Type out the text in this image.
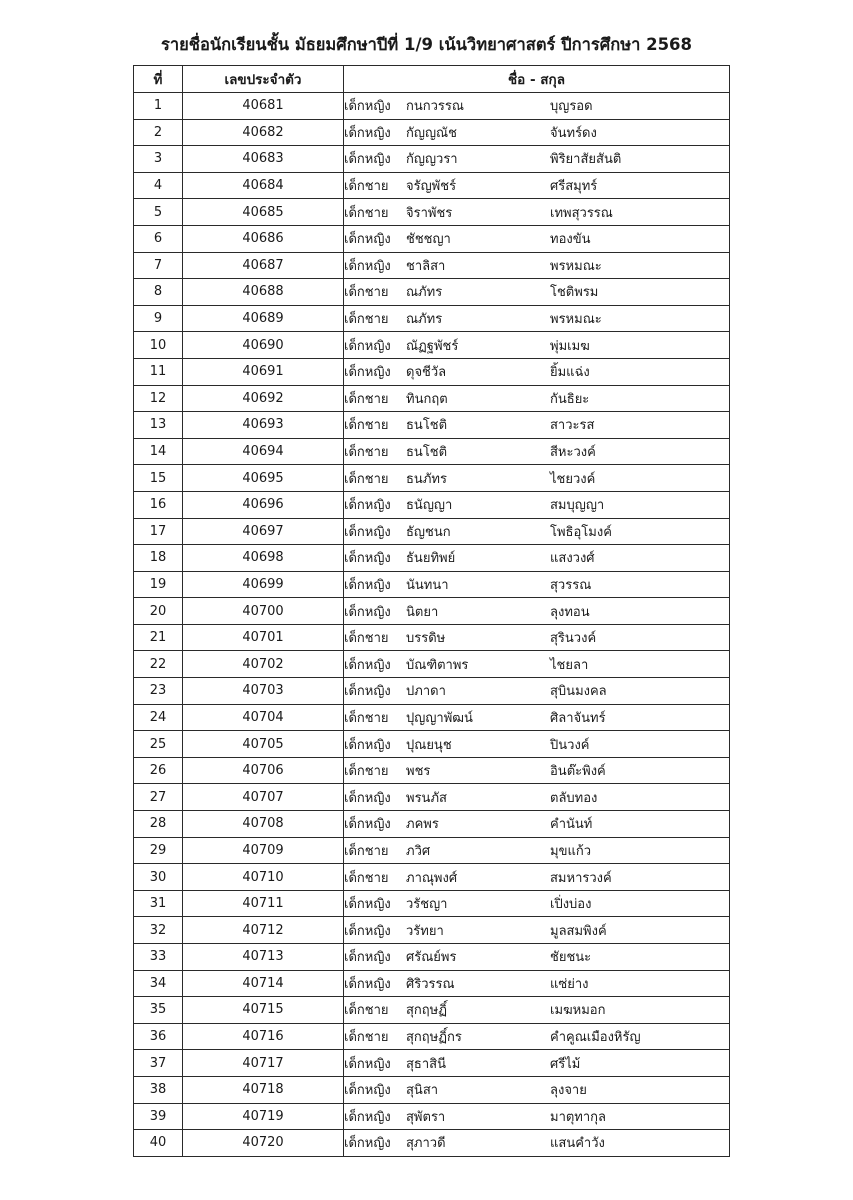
รายชื่อนักเรียนชั้น มัธยมศึกษาปีที่ 1/9 เน้นวิทยาศาสตร์ ปีการศึกษา 2568
ที่	เลขประจำตัว	ชื่อ - สกุล
1	40681	เด็กหญิง กนกวรรณ บุญรอด

2	40682	เด็กหญิง กัญญณัช จันทร์ดง

3	40683	เด็กหญิง กัญญวรา พิริยาสัยสันติ

4	40684	เด็กชาย จรัญพัชร์ ศรีสมุทร์

5	40685	เด็กชาย จิราพัชร เทพสุวรรณ

6	40686	เด็กหญิง ชัชชญา ทองขัน

7	40687	เด็กหญิง ชาลิสา พรหมณะ

8	40688	เด็กชาย ณภัทร โชติพรม

9	40689	เด็กชาย ณภัทร พรหมณะ

10	40690	เด็กหญิง ณัฏฐพัชร์ พุ่มเมฆ

11	40691	เด็กหญิง ดุจชีวัล ยิ้มแฉ่ง

12	40692	เด็กชาย ทินกฤต กันธิยะ

13	40693	เด็กชาย ธนโชติ สาวะรส

14	40694	เด็กชาย ธนโชติ สีหะวงค์

15	40695	เด็กชาย ธนภัทร ไชยวงค์

16	40696	เด็กหญิง ธนัญญา สมบุญญา

17	40697	เด็กหญิง ธัญชนก โพธิอุโมงค์

18	40698	เด็กหญิง ธันยทิพย์ แสงวงศ์

19	40699	เด็กหญิง นันทนา สุวรรณ

20	40700	เด็กหญิง นิตยา ลุงทอน

21	40701	เด็กชาย บรรดิษ สุรินวงค์

22	40702	เด็กหญิง บัณฑิตาพร ไชยลา

23	40703	เด็กหญิง ปภาดา สุบินมงคล

24	40704	เด็กชาย ปุญญาพัฒน์ ศิลาจันทร์

25	40705	เด็กหญิง ปุณยนุช ปินวงค์

26	40706	เด็กชาย พชร อินต๊ะพิงค์

27	40707	เด็กหญิง พรนภัส ตลับทอง

28	40708	เด็กหญิง ภคพร คำนันท์

29	40709	เด็กชาย ภวิศ มุขแก้ว

30	40710	เด็กชาย ภาณุพงศ์ สมหารวงค์

31	40711	เด็กหญิง วรัชญา เปิ่งบ่อง

32	40712	เด็กหญิง วรัทยา มูลสมพิงค์

33	40713	เด็กหญิง ศรัณย์พร ชัยชนะ

34	40714	เด็กหญิง ศิริวรรณ แซ่ย่าง

35	40715	เด็กชาย สุกฤษฏิ์ เมฆหมอก

36	40716	เด็กชาย สุกฤษฏิ์กร คำคูณเมืองหิรัญ

37	40717	เด็กหญิง สุธาสินี ศรีไม้

38	40718	เด็กหญิง สุนิสา ลุงจาย

39	40719	เด็กหญิง สุพัตรา มาตุทากุล

40	40720	เด็กหญิง สุภาวดี แสนคำวัง
